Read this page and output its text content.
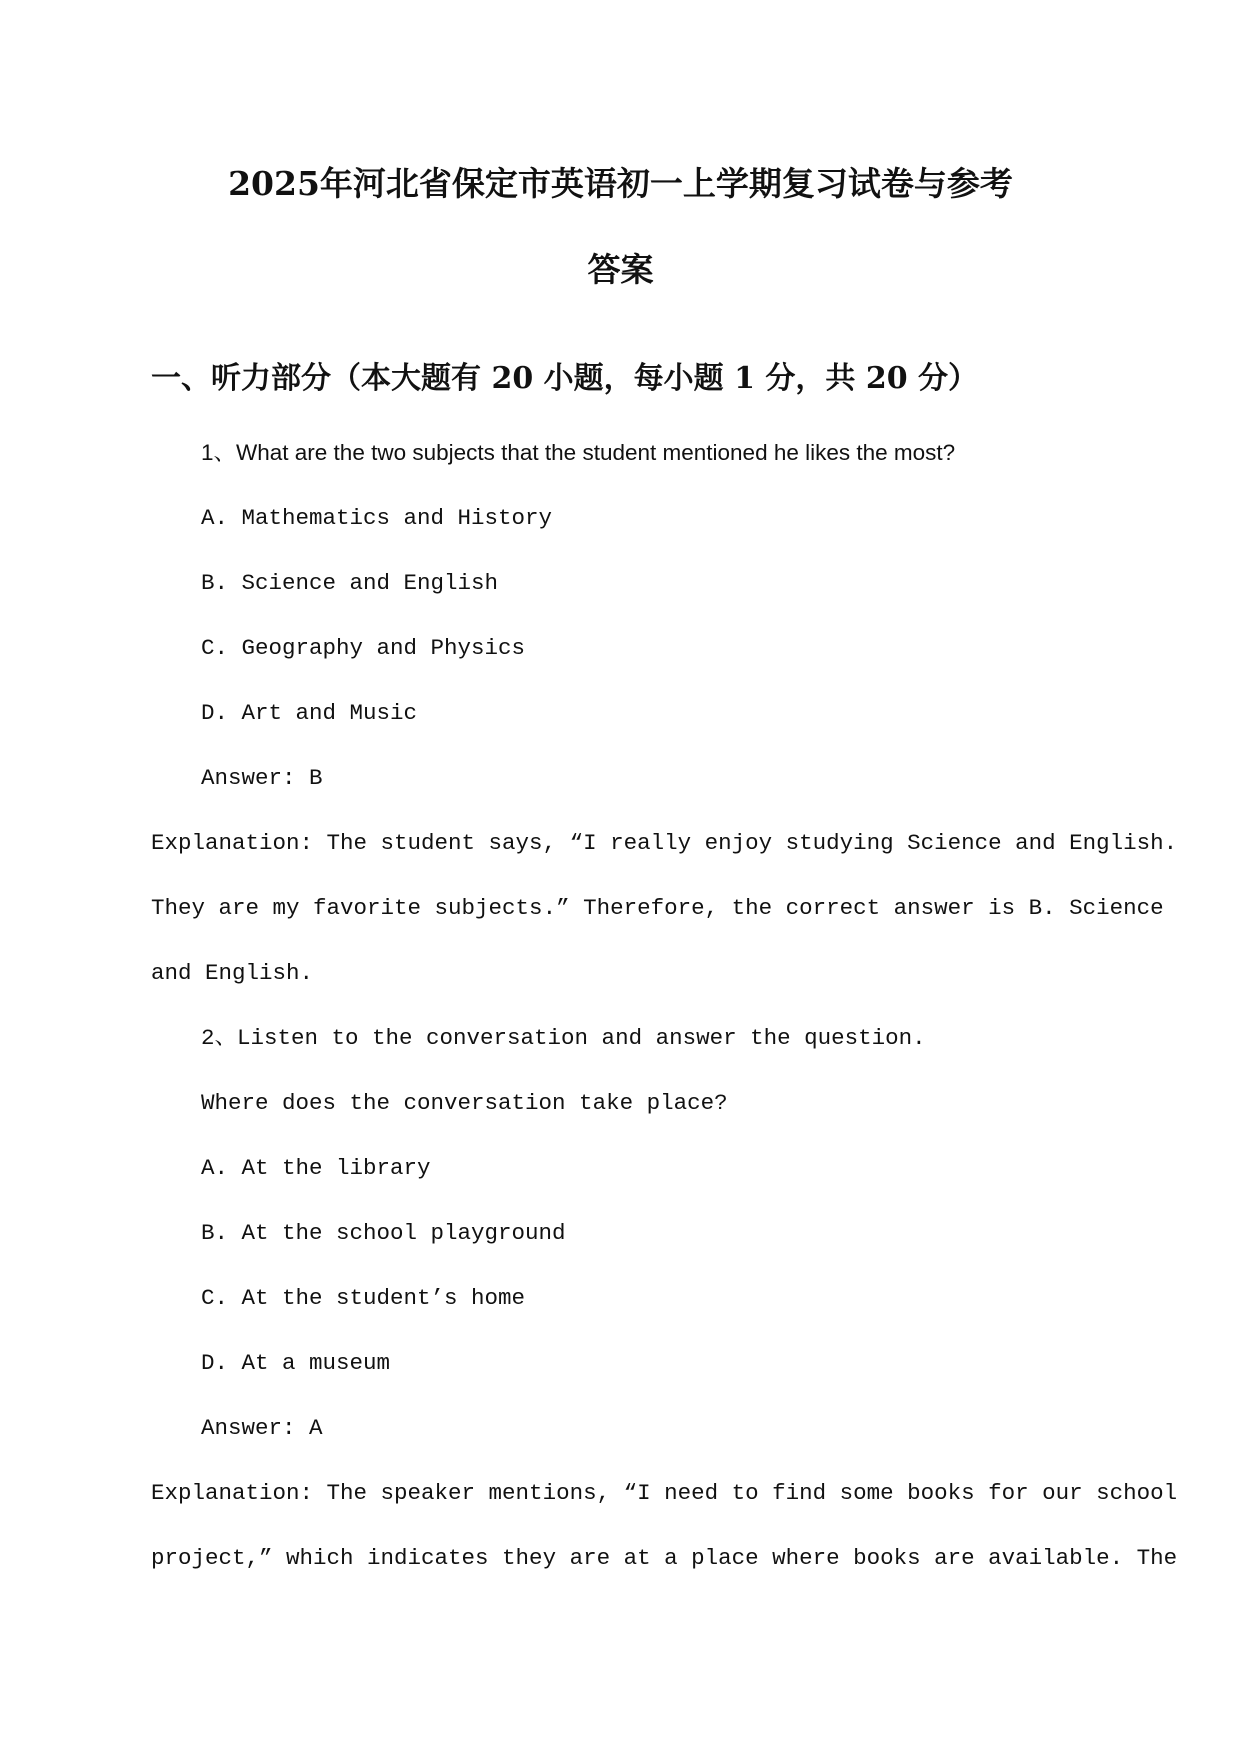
2025年河北省保定市英语初一上学期复习试卷与参考
答案
一、听力部分（本大题有 20 小题，每小题 1 分，共 20 分）
1、What are the two subjects that the student mentioned he likes the most?
A. Mathematics and History
B. Science and English
C. Geography and Physics
D. Art and Music
Answer: B
Explanation: The student says, “I really enjoy studying Science and English.
They are my favorite subjects.” Therefore, the correct answer is B. Science
and English.
2、Listen to the conversation and answer the question.
Where does the conversation take place?
A. At the library
B. At the school playground
C. At the student’s home
D. At a museum
Answer: A
Explanation: The speaker mentions, “I need to find some books for our school
project,” which indicates they are at a place where books are available. The
